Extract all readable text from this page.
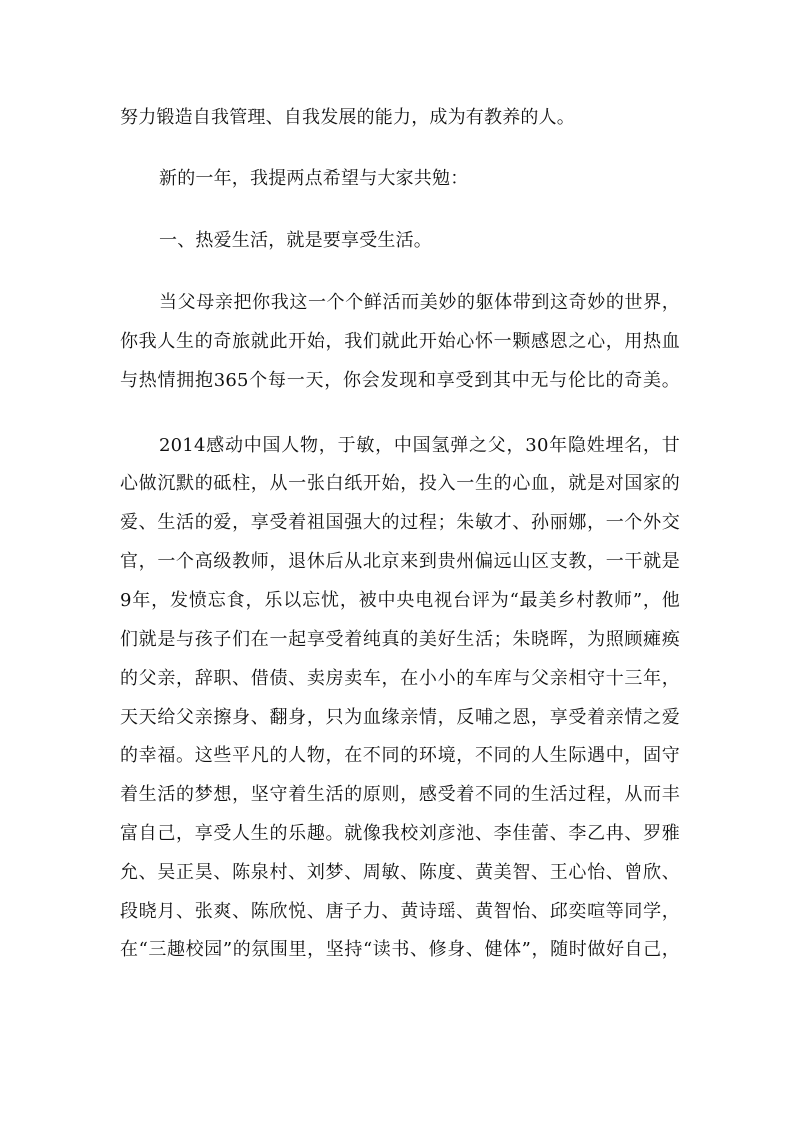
努力锻造自我管理、自我发展的能力，成为有教养的人。
新的一年，我提两点希望与大家共勉：
一、热爱生活，就是要享受生活。
当父母亲把你我这一个个鲜活而美妙的躯体带到这奇妙的世界，
你我人生的奇旅就此开始，我们就此开始心怀一颗感恩之心，用热血
与热情拥抱365个每一天，你会发现和享受到其中无与伦比的奇美。
2014感动中国人物，于敏，中国氢弹之父，30年隐姓埋名，甘
心做沉默的砥柱，从一张白纸开始，投入一生的心血，就是对国家的
爱、生活的爱，享受着祖国强大的过程；朱敏才、孙丽娜，一个外交
官，一个高级教师，退休后从北京来到贵州偏远山区支教，一干就是
9年，发愤忘食，乐以忘忧，被中央电视台评为“最美乡村教师”，他
们就是与孩子们在一起享受着纯真的美好生活；朱晓晖，为照顾瘫痪
的父亲，辞职、借债、卖房卖车，在小小的车库与父亲相守十三年，
天天给父亲擦身、翻身，只为血缘亲情，反哺之恩，享受着亲情之爱
的幸福。这些平凡的人物，在不同的环境，不同的人生际遇中，固守
着生活的梦想，坚守着生活的原则，感受着不同的生活过程，从而丰
富自己，享受人生的乐趣。就像我校刘彦池、李佳蕾、李乙冉、罗雅
允、吴正昊、陈泉村、刘梦、周敏、陈度、黄美智、王心怡、曾欣、
段晓月、张爽、陈欣悦、唐子力、黄诗瑶、黄智怡、邱奕喧等同学，
在“三趣校园”的氛围里，坚持“读书、修身、健体”，随时做好自己，
